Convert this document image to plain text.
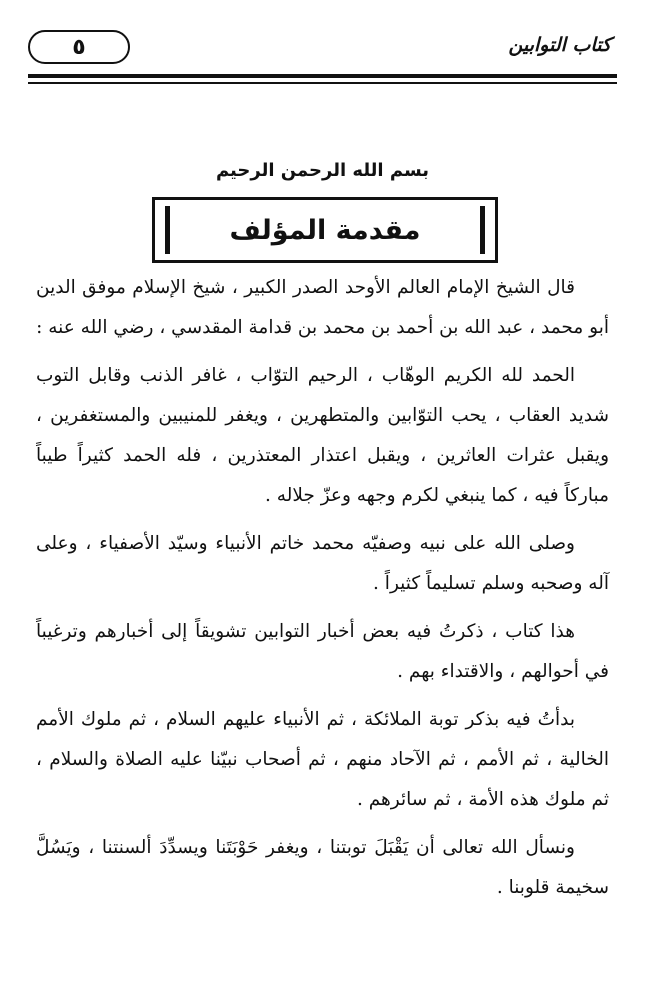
كتاب التوابين
٥
بسم الله الرحمن الرحيم
مقدمة المؤلف

قال الشيخ الإمام العالم الأوحد الصدر الكبير ، شيخ الإسلام موفق الدين أبو محمد ، عبد الله بن أحمد بن محمد بن قدامة المقدسي ، رضي الله عنه :

الحمد لله الكريم الوهّاب ، الرحيم التوّاب ، غافر الذنب وقابل التوب شديد العقاب ، يحب التوّابين والمتطهرين ، ويغفر للمنيبين والمستغفرين ، ويقبل عثرات العاثرين ، ويقبل اعتذار المعتذرين ، فله الحمد كثيراً طيباً مباركاً فيه ، كما ينبغي لكرم وجهه وعزّ جلاله .

وصلى الله على نبيه وصفيّه محمد خاتم الأنبياء وسيّد الأصفياء ، وعلى آله وصحبه وسلم تسليماً كثيراً .

هذا كتاب ، ذكرتُ فيه بعض أخبار التوابين تشويقاً إلى أخبارهم وترغيباً في أحوالهم ، والاقتداء بهم .

بدأتُ فيه بذكر توبة الملائكة ، ثم الأنبياء عليهم السلام ، ثم ملوك الأمم الخالية ، ثم الأمم ، ثم الآحاد منهم ، ثم أصحاب نبيّنا عليه الصلاة والسلام ، ثم ملوك هذه الأمة ، ثم سائرهم .

ونسأل الله تعالى أن يَقْبَلَ توبتنا ، ويغفر حَوْبَتَنا ويسدِّدَ ألسنتنا ، ويَسُلَّ سخيمة قلوبنا .
